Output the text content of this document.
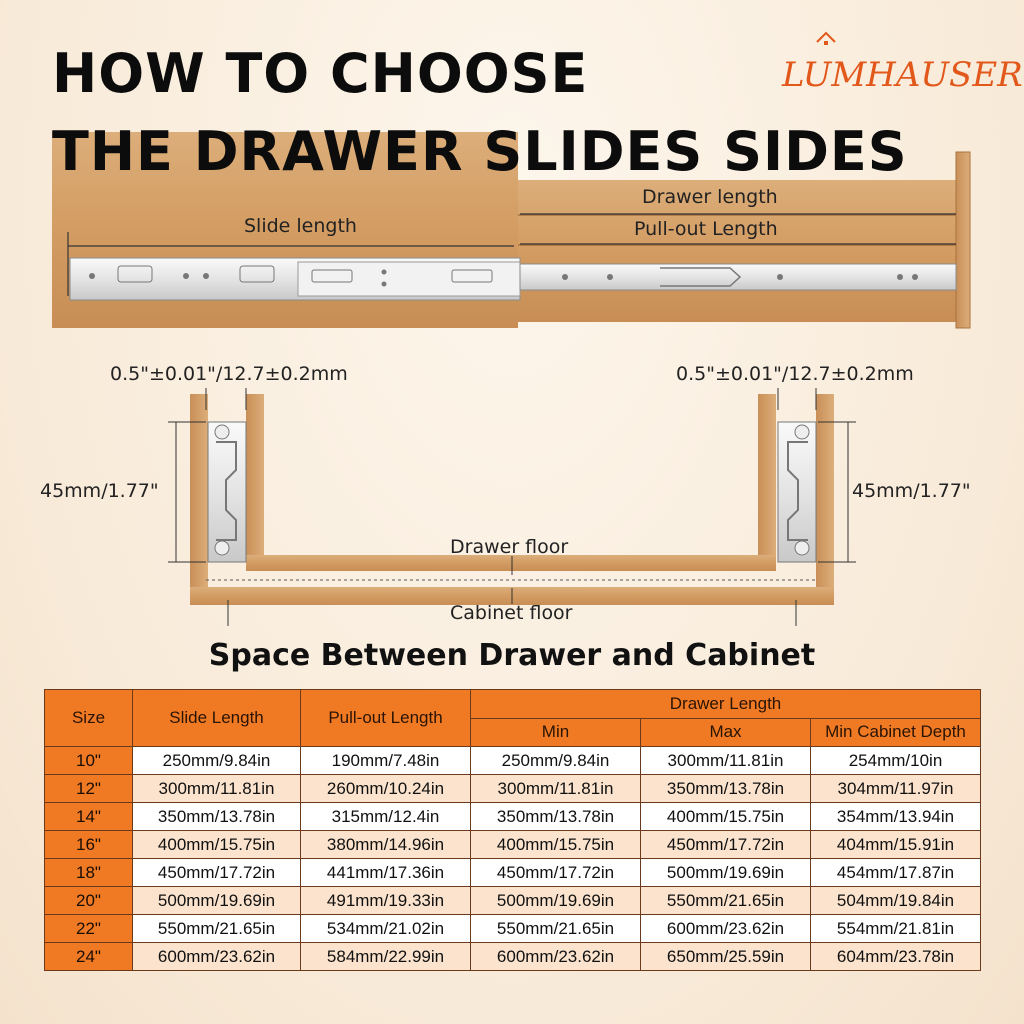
HOW TO CHOOSE
THE DRAWER SLIDES SIDES
LUMHAUSER
Slide length
Drawer length
Pull-out Length
0.5"±0.01"/12.7±0.2mm	0.5"±0.01"/12.7±0.2mm
45mm/1.77"	45mm/1.77"
Drawer floor
Cabinet floor
Space Between Drawer and Cabinet
Size	Slide Length	Pull-out Length	Drawer Length		
			Min	Max	Min Cabinet Depth
10"	250mm/9.84in	190mm/7.48in	250mm/9.84in	300mm/11.81in	254mm/10in
12"	300mm/11.81in	260mm/10.24in	300mm/11.81in	350mm/13.78in	304mm/11.97in
14"	350mm/13.78in	315mm/12.4in	350mm/13.78in	400mm/15.75in	354mm/13.94in
16"	400mm/15.75in	380mm/14.96in	400mm/15.75in	450mm/17.72in	404mm/15.91in
18"	450mm/17.72in	441mm/17.36in	450mm/17.72in	500mm/19.69in	454mm/17.87in
20"	500mm/19.69in	491mm/19.33in	500mm/19.69in	550mm/21.65in	504mm/19.84in
22"	550mm/21.65in	534mm/21.02in	550mm/21.65in	600mm/23.62in	554mm/21.81in
24"	600mm/23.62in	584mm/22.99in	600mm/23.62in	650mm/25.59in	604mm/23.78in
